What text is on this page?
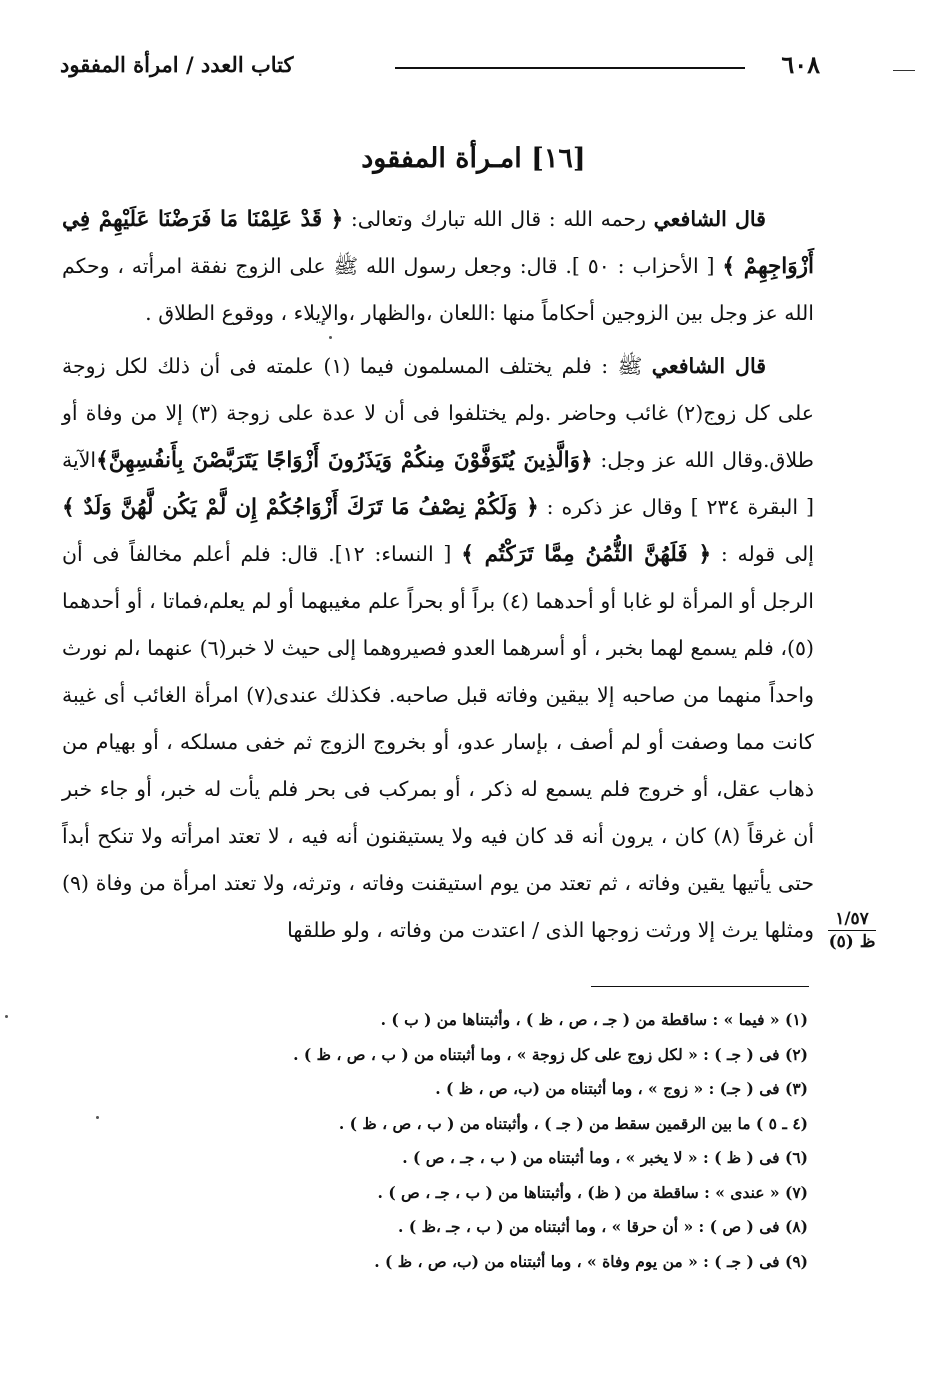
٦٠٨
كتاب العدد / امرأة المفقود
[١٦] امـرأة المفقود

قال الشافعي رحمه الله : قال الله تبارك وتعالى: ﴿ قَدْ عَلِمْنَا مَا فَرَضْنَا عَلَيْهِمْ فِي أَزْوَاجِهِمْ ﴾ [ الأحزاب : ٥٠ ]. قال: وجعل رسول الله ﷺ على الزوج نفقة امرأته ، وحكم الله عز وجل بين الزوجين أحكاماً منها :اللعان ،والظهار ،والإيلاء ، ووقوع الطلاق .

قال الشافعي ﷺ : فلم يختلف المسلمون فيما (١) علمته فى أن ذلك لكل زوجة على كل زوج(٢) غائب وحاضر .ولم يختلفوا فى أن لا عدة على زوجة (٣) إلا من وفاة أو طلاق.وقال الله عز وجل: ﴿وَالَّذِينَ يُتَوَفَّوْنَ مِنكُمْ وَيَذَرُونَ أَزْوَاجًا يَتَرَبَّصْنَ بِأَنفُسِهِنَّ﴾الآية [ البقرة ٢٣٤ ] وقال عز ذكره : ﴿ وَلَكُمْ نِصْفُ مَا تَرَكَ أَزْوَاجُكُمْ إِن لَّمْ يَكُن لَّهُنَّ وَلَدٌ ﴾ إلى قوله : ﴿ فَلَهُنَّ الثُّمُنُ مِمَّا تَرَكْتُم ﴾ [ النساء: ١٢]. قال: فلم أعلم مخالفاً فى أن الرجل أو المرأة لو غابا أو أحدهما (٤) براً أو بحراً علم مغيبهما أو لم يعلم،فماتا ، أو أحدهما (٥)، فلم يسمع لهما بخبر ، أو أسرهما العدو فصيروهما إلى حيث لا خبر(٦) عنهما ،لم نورث واحداً منهما من صاحبه إلا بيقين وفاته قبل صاحبه. فكذلك عندى(٧) امرأة الغائب أى غيبة كانت مما وصفت أو لم أصف ، بإسار عدو، أو بخروج الزوج ثم خفى مسلكه ، أو بهيام من ذهاب عقل، أو خروج فلم يسمع له ذكر ، أو بمركب فى بحر فلم يأت له خبر، أو جاء خبر أن غرقاً (٨) كان ، يرون أنه قد كان فيه ولا يستيقنون أنه فيه ، لا تعتد امرأته ولا تنكح أبداً حتى يأتيها يقين وفاته ، ثم تعتد من يوم استيقنت وفاته ، وترثه، ولا تعتد امرأة من وفاة (٩) ومثلها يرث إلا ورثت زوجها الذى / اعتدت من وفاته ، ولو طلقها	١/٥٧
ظ (٥)
(١) « فيما » : ساقطة من ( جـ ، ص ، ظ ) ، وأثبتناها من ( ب ) .
(٢) فى ( جـ ) : « لكل زوج على كل زوجة » ، وما أثبتناه من ( ب ، ص ، ظ ) .
(٣) فى ( جـ) : « زوج » ، وما أثبتناه من (ب، ص ، ظ ) .
(٤ ـ ٥ ) ما بين الرقمين سقط من ( جـ ) ، وأثبتناه من ( ب ، ص ، ظ ) .
(٦) فى ( ظ ) : « لا يخبر » ، وما أثبتناه من ( ب ، جـ ، ص ) .
(٧) « عندى » : ساقطة من ( ظ) ، وأثبتناها من ( ب ، جـ ، ص ) .
(٨) فى ( ص ) : « أن حرقا » ، وما أثبتناه من ( ب ، جـ ،ظ ) .
(٩) فى ( جـ ) : « من يوم وفاة » ، وما أثبتناه من (ب، ص ، ظ ) .
